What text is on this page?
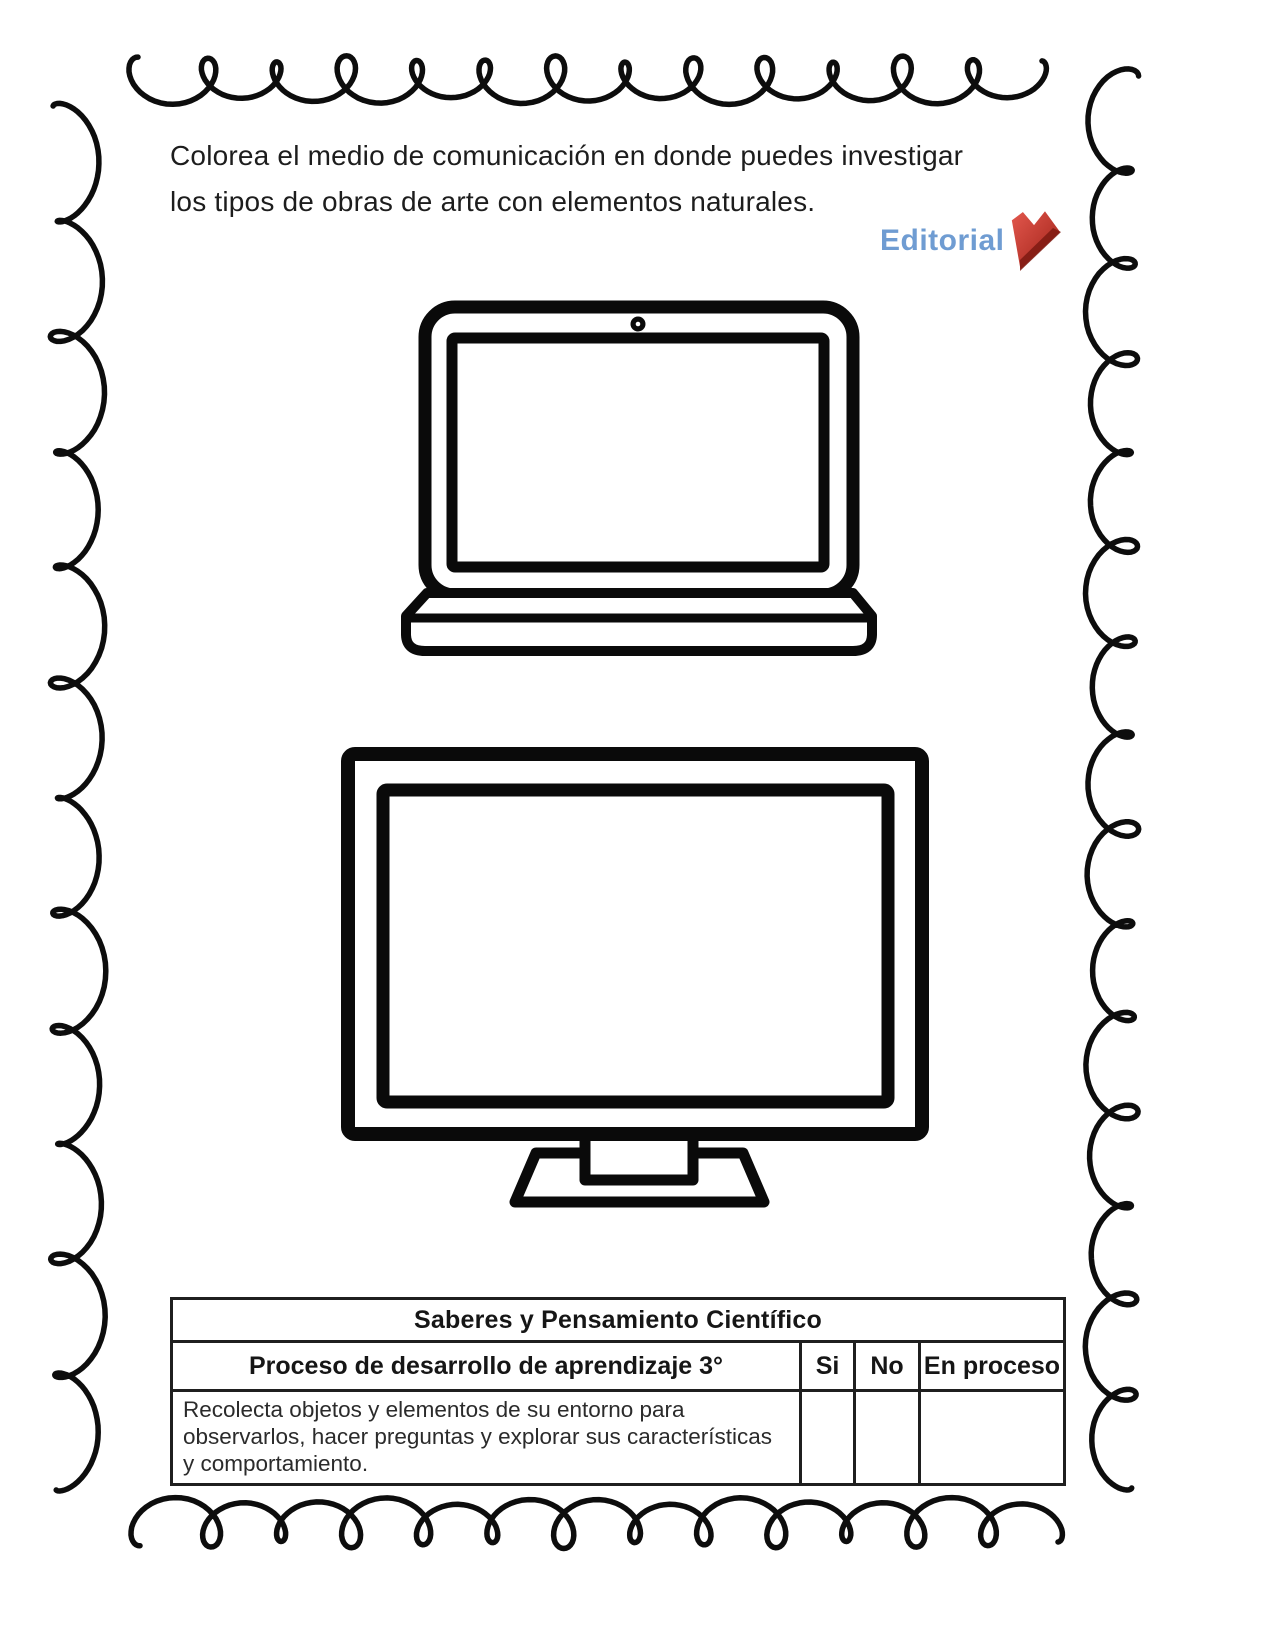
Colorea el medio de comunicación en donde puedes investigar
los tipos de obras de arte con elementos naturales.
Editorial
Saberes y Pensamiento Científico			
Proceso de desarrollo de aprendizaje 3°	Si	No	En proceso
Recolecta objetos y elementos de su entorno para observarlos, hacer preguntas y explorar sus características y comportamiento.			
